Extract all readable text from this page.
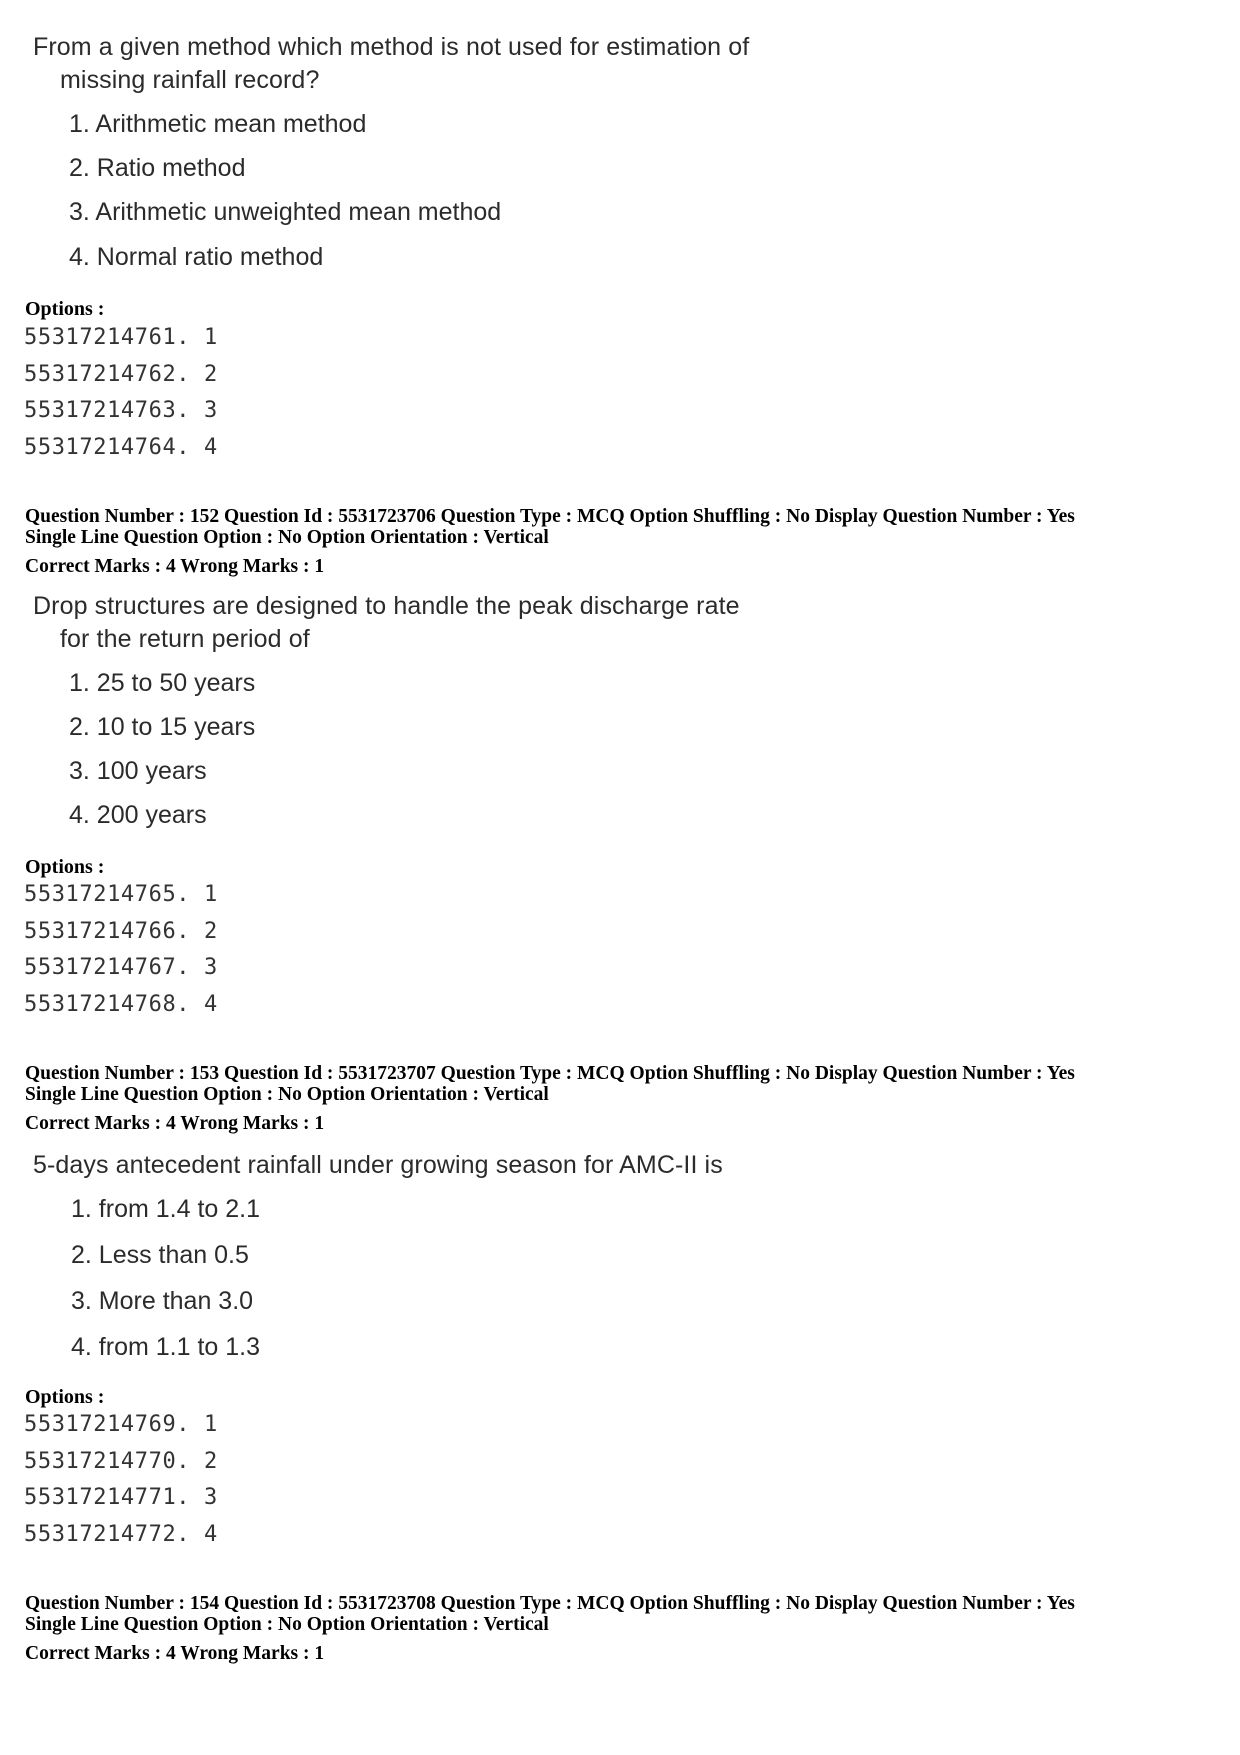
From a given method which method is not used for estimation of

missing rainfall record?

1. Arithmetic mean method

2. Ratio method

3. Arithmetic unweighted mean method

4. Normal ratio method

Options :

55317214761. 1

55317214762. 2

55317214763. 3

55317214764. 4

Question Number : 152 Question Id : 5531723706 Question Type : MCQ Option Shuffling : No Display Question Number : Yes

Single Line Question Option : No Option Orientation : Vertical

Correct Marks : 4 Wrong Marks : 1

Drop structures are designed to handle the peak discharge rate

for the return period of

1. 25 to 50 years

2. 10 to 15 years

3. 100 years

4. 200 years

Options :

55317214765. 1

55317214766. 2

55317214767. 3

55317214768. 4

Question Number : 153 Question Id : 5531723707 Question Type : MCQ Option Shuffling : No Display Question Number : Yes

Single Line Question Option : No Option Orientation : Vertical

Correct Marks : 4 Wrong Marks : 1

5-days antecedent rainfall under growing season for AMC-II is

1. from 1.4 to 2.1

2. Less than 0.5

3. More than 3.0

4. from 1.1 to 1.3

Options :

55317214769. 1

55317214770. 2

55317214771. 3

55317214772. 4

Question Number : 154 Question Id : 5531723708 Question Type : MCQ Option Shuffling : No Display Question Number : Yes

Single Line Question Option : No Option Orientation : Vertical

Correct Marks : 4 Wrong Marks : 1
